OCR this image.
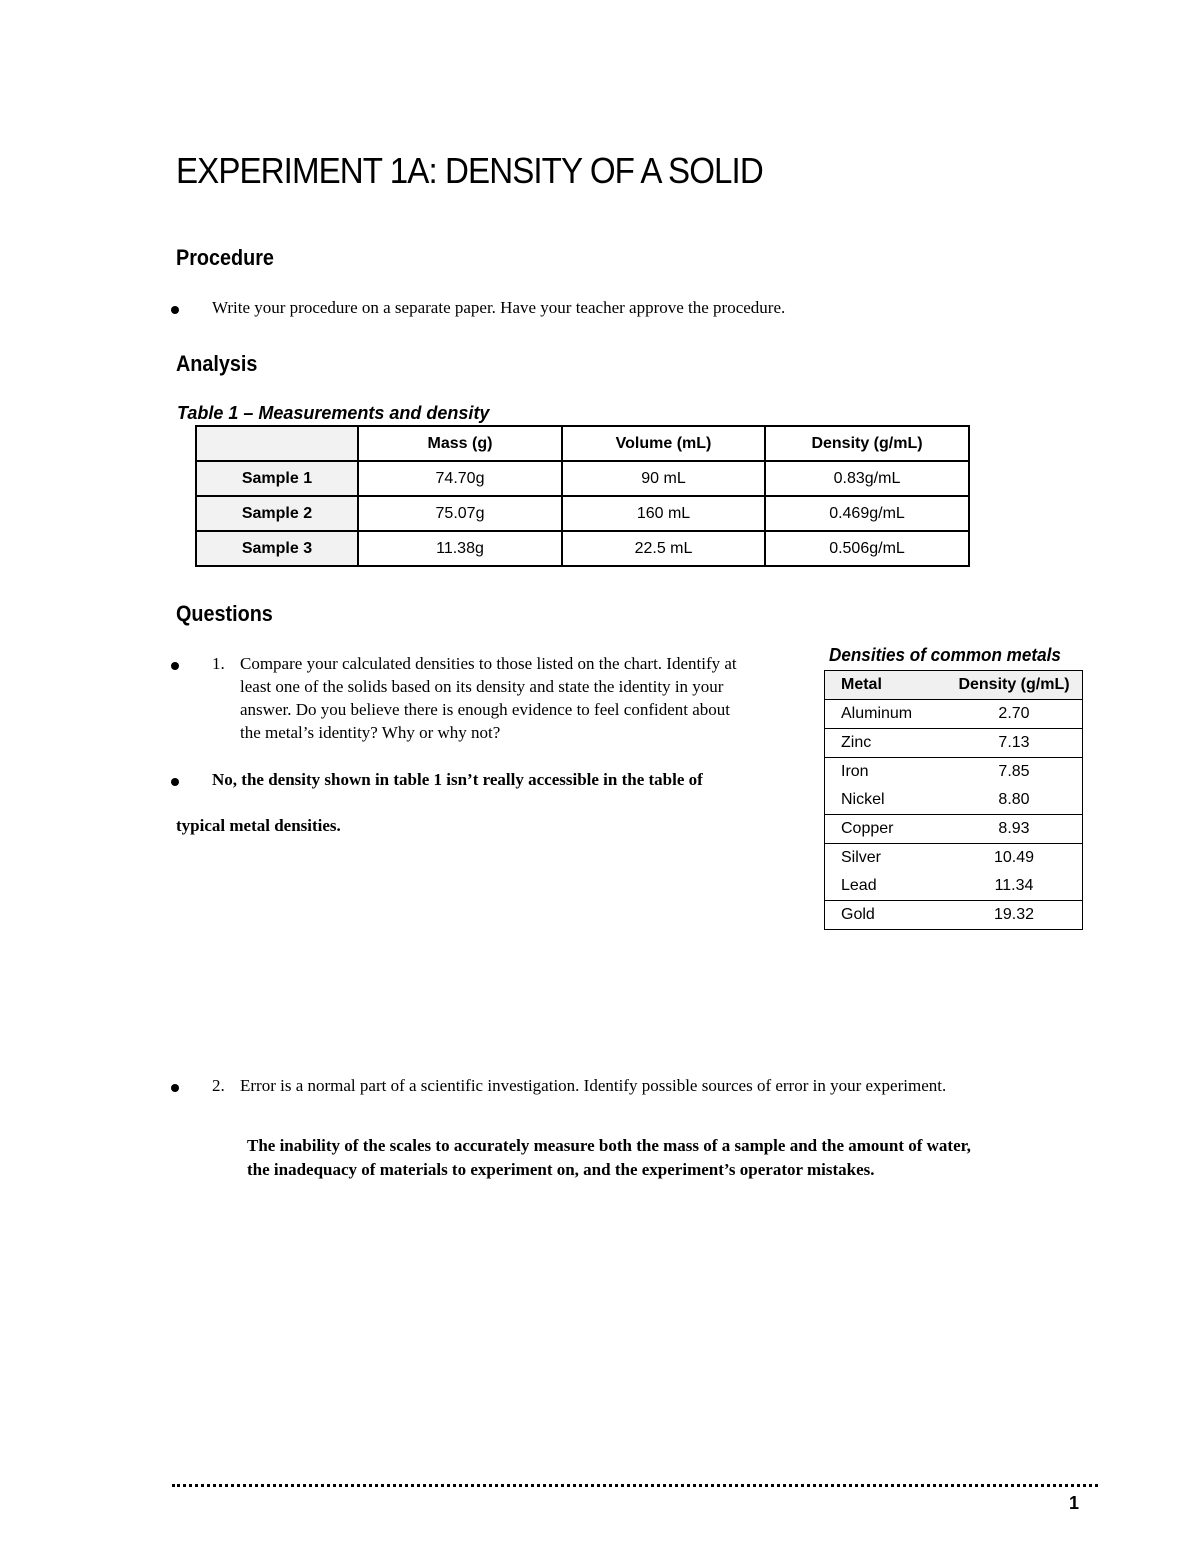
EXPERIMENT 1A: DENSITY OF A SOLID
Procedure
Write your procedure on a separate paper. Have your teacher approve the procedure.
Analysis
Table 1 – Measurements and density
	Mass (g)	Volume (mL)	Density (g/mL)
Sample 1	74.70g	90 mL	0.83g/mL
Sample 2	75.07g	160 mL	0.469g/mL
Sample 3	11.38g	22.5 mL	0.506g/mL
Questions
1. Compare your calculated densities to those listed on the chart. Identify at
least one of the solids based on its density and state the identity in your
answer. Do you believe there is enough evidence to feel confident about
the metal’s identity? Why or why not?
No, the density shown in table 1 isn’t really accessible in the table of
typical metal densities.
Densities of common metals
Metal	Density (g/mL)
Aluminum	2.70
Zinc	7.13
Iron	7.85
Nickel	8.80
Copper	8.93
Silver	10.49
Lead	11.34
Gold	19.32
2. Error is a normal part of a scientific investigation. Identify possible sources of error in your experiment.
The inability of the scales to accurately measure both the mass of a sample and the amount of water,
the inadequacy of materials to experiment on, and the experiment’s operator mistakes.
1
